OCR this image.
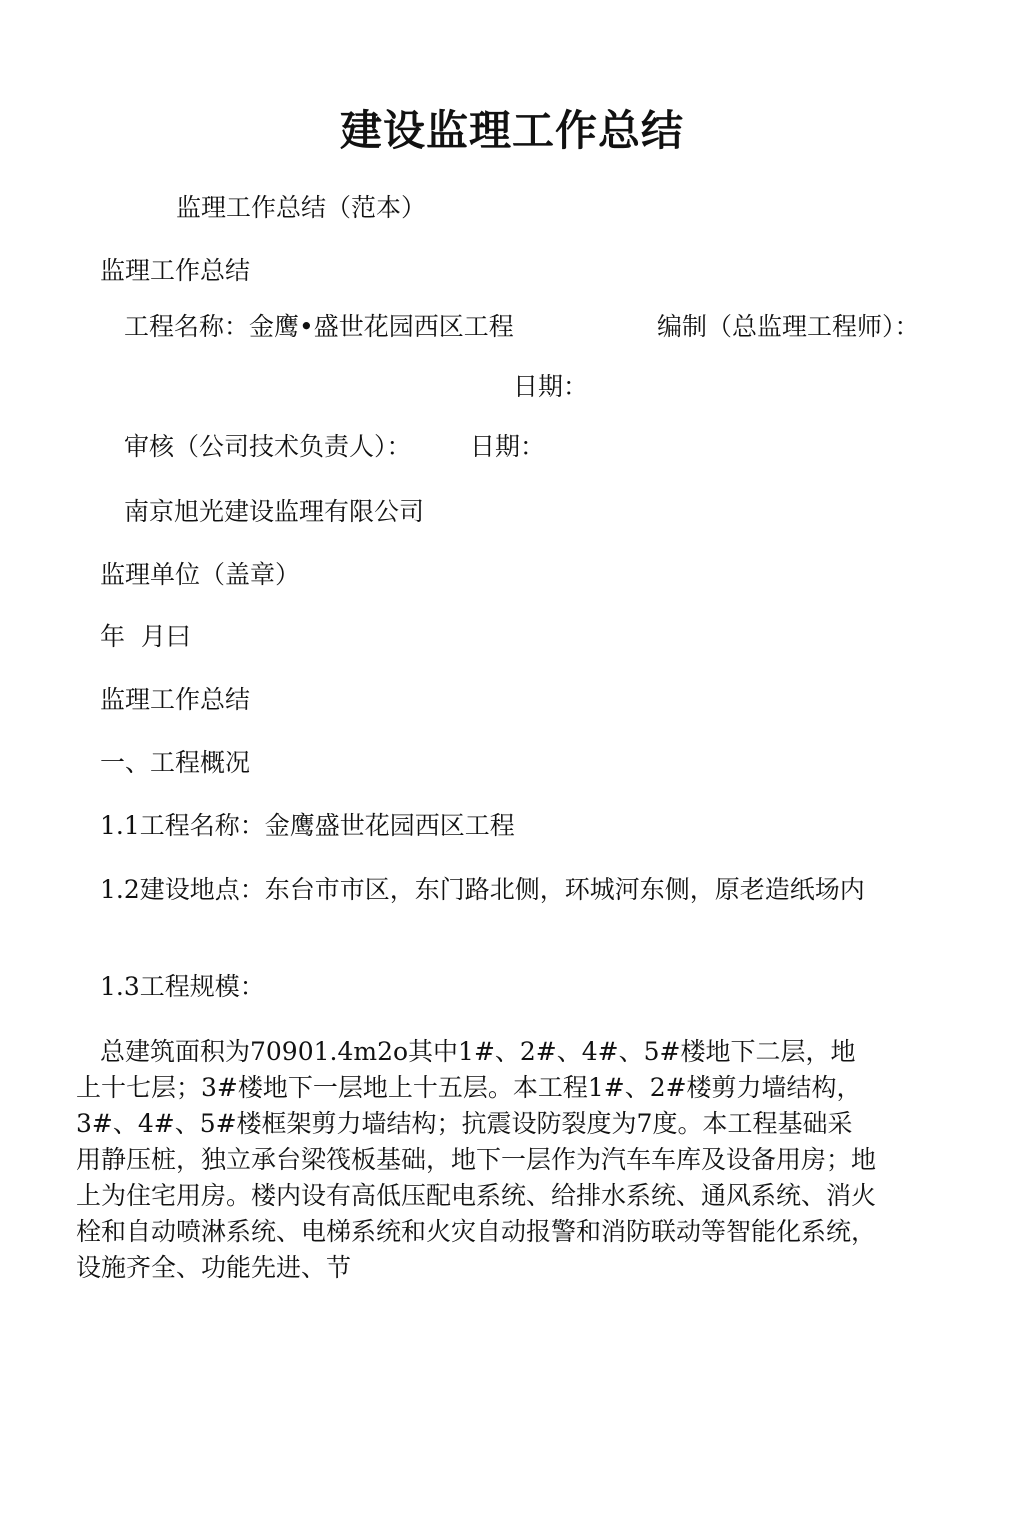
建设监理工作总结
监理工作总结（范本）
监理工作总结
工程名称：金鹰•盛世花园西区工程	编制（总监理工程师）：
日期：
审核（公司技术负责人）： 日期：
南京旭光建设监理有限公司
监理单位（盖章）
年  月曰
监理工作总结
一、工程概况
1.1工程名称：金鹰盛世花园西区工程
1.2建设地点：东台市市区，东门路北侧，环城河东侧，原老造纸场内
1.3工程规模：
总建筑面积为70901.4m2o其中1#、2#、4#、5#楼地下二层，地上十七层；3#楼地下一层地上十五层。本工程1#、2#楼剪力墙结构，3#、4#、5#楼框架剪力墙结构；抗震设防裂度为7度。本工程基础采用静压桩，独立承台梁筏板基础，地下一层作为汽车车库及设备用房；地上为住宅用房。楼内设有高低压配电系统、给排水系统、通风系统、消火栓和自动喷淋系统、电梯系统和火灾自动报警和消防联动等智能化系统，设施齐全、功能先进、节
